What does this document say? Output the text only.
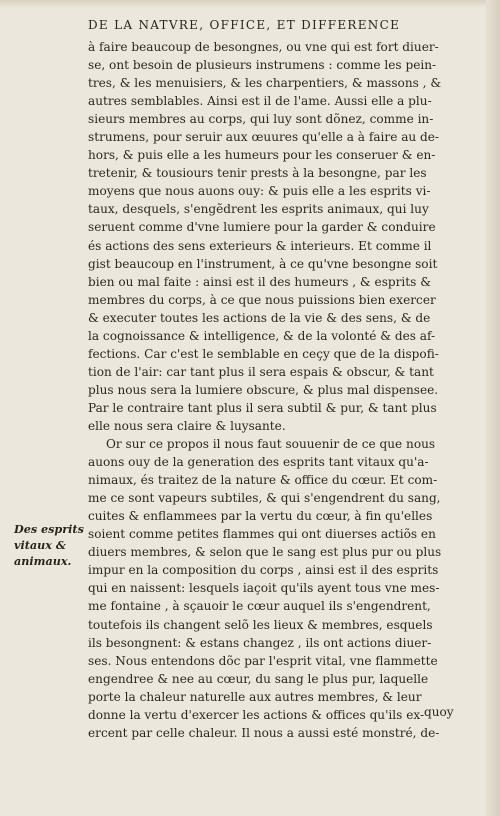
DE LA NATVRE, OFFICE, ET DIFFERENCE
à faire beaucoup de besongnes, ou vne qui est fort diuer-
se, ont besoin de plusieurs instrumens : comme les pein-
tres, & les menuisiers, & les charpentiers, & massons , &
autres semblables. Ainsi est il de l'ame. Aussi elle a plu-
sieurs membres au corps, qui luy sont dõnez, comme in-
strumens, pour seruir aux œuures qu'elle a à faire au de-
hors, & puis elle a les humeurs pour les conseruer & en-
tretenir, & tousiours tenir prests à la besongne, par les
moyens que nous auons ouy: & puis elle a les esprits vi-
taux, desquels, s'engẽdrent les esprits animaux, qui luy
seruent comme d'vne lumiere pour la garder & conduire
és actions des sens exterieurs & interieurs. Et comme il
gist beaucoup en l'instrument, à ce qu'vne besongne soit
bien ou mal faite : ainsi est il des humeurs , & esprits &
membres du corps, à ce que nous puissions bien exercer
& executer toutes les actions de la vie & des sens, & de
la cognoissance & intelligence, & de la volonté & des af-
fections. Car c'est le semblable en ceçy que de la dispofi-
tion de l'air: car tant plus il sera espais & obscur, & tant
plus nous sera la lumiere obscure, & plus mal dispensee.
Par le contraire tant plus il sera subtil & pur, & tant plus
elle nous sera claire & luysante.
Or sur ce propos il nous faut souuenir de ce que nous
auons ouy de la generation des esprits tant vitaux qu'a-
nimaux, és traitez de la nature & office du cœur. Et com-
me ce sont vapeurs subtiles, & qui s'engendrent du sang,
cuites & enflammees par la vertu du cœur, à fin qu'elles
soient comme petites flammes qui ont diuerses actiõs en
diuers membres, & selon que le sang est plus pur ou plus
impur en la composition du corps , ainsi est il des esprits
qui en naissent: lesquels iaçoit qu'ils ayent tous vne mes-
me fontaine , à sçauoir le cœur auquel ils s'engendrent,
toutefois ils changent selõ les lieux & membres, esquels
ils besongnent: & estans changez , ils ont actions diuer-
ses. Nous entendons dõc par l'esprit vital, vne flammette
engendree & nee au cœur, du sang le plus pur, laquelle
porte la chaleur naturelle aux autres membres, & leur
donne la vertu d'exercer les actions & offices qu'ils ex-
ercent par celle chaleur. Il nous a aussi esté monstré, de-
Des esprits
vitaux &
animaux.
quoy
